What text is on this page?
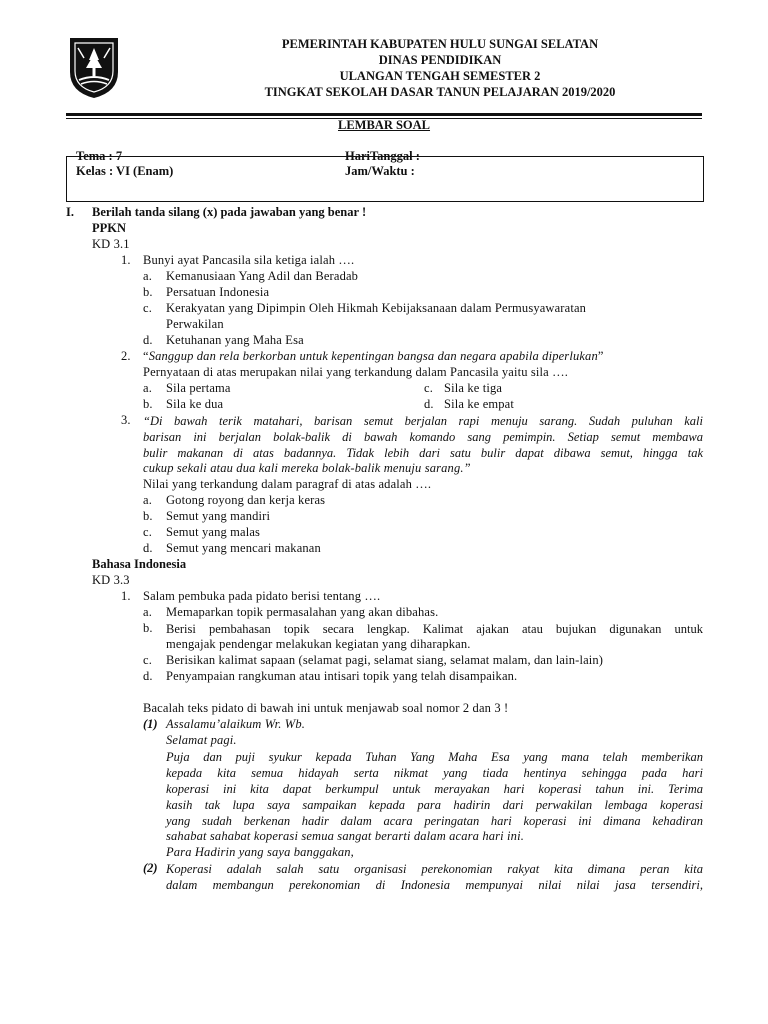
PEMERINTAH KABUPATEN HULU SUNGAI SELATAN
DINAS PENDIDIKAN
ULANGAN TENGAH SEMESTER 2
TINGKAT SEKOLAH DASAR TANUN PELAJARAN 2019/2020
LEMBAR SOAL
Tema : 7
Kelas : VI (Enam)
HariTanggal :
Jam/Waktu :
I. Berilah tanda silang (x) pada jawaban yang benar !
PPKN
KD 3.1
1. Bunyi ayat Pancasila sila ketiga ialah ….
a. Kemanusiaan Yang Adil dan Beradab
b. Persatuan Indonesia
c. Kerakyatan yang Dipimpin Oleh Hikmah Kebijaksanaan dalam Permusyawaratan
Perwakilan
d. Ketuhanan yang Maha Esa
2. “Sanggup dan rela berkorban untuk kepentingan bangsa dan negara apabila diperlukan”
Pernyataan di atas merupakan nilai yang terkandung dalam Pancasila yaitu sila ….
a. Sila pertama	c. Sila ke tiga
b. Sila ke dua	d. Sila ke empat
3. “Di bawah terik matahari, barisan semut berjalan rapi menuju sarang. Sudah puluhan kali
barisan ini berjalan bolak-balik di bawah komando sang pemimpin. Setiap semut membawa
bulir makanan di atas badannya. Tidak lebih dari satu bulir dapat dibawa semut, hingga tak
cukup sekali atau dua kali mereka bolak-balik menuju sarang.”
Nilai yang terkandung dalam paragraf di atas adalah ….
a. Gotong royong dan kerja keras
b. Semut yang mandiri
c. Semut yang malas
d. Semut yang mencari makanan
Bahasa Indonesia
KD 3.3
1. Salam pembuka pada pidato berisi tentang ….
a. Memaparkan topik permasalahan yang akan dibahas.
b. Berisi pembahasan topik secara lengkap. Kalimat ajakan atau bujukan digunakan untuk
mengajak pendengar melakukan kegiatan yang diharapkan.
c. Berisikan kalimat sapaan (selamat pagi, selamat siang, selamat malam, dan lain-lain)
d. Penyampaian rangkuman atau intisari topik yang telah disampaikan.
Bacalah teks pidato di bawah ini untuk menjawab soal nomor 2 dan 3 !
(1) Assalamu’alaikum Wr. Wb.
Selamat pagi.
Puja dan puji syukur kepada Tuhan Yang Maha Esa yang mana telah memberikan
kepada kita semua hidayah serta nikmat yang tiada hentinya sehingga pada hari
koperasi ini kita dapat berkumpul untuk merayakan hari koperasi tahun ini. Terima
kasih tak lupa saya sampaikan kepada para hadirin dari perwakilan lembaga koperasi
yang sudah berkenan hadir dalam acara peringatan hari koperasi ini dimana kehadiran
sahabat sahabat koperasi semua sangat berarti dalam acara hari ini.
Para Hadirin yang saya banggakan,
(2) Koperasi adalah salah satu organisasi perekonomian rakyat kita dimana peran kita
dalam membangun perekonomian di Indonesia mempunyai nilai nilai jasa tersendiri,
